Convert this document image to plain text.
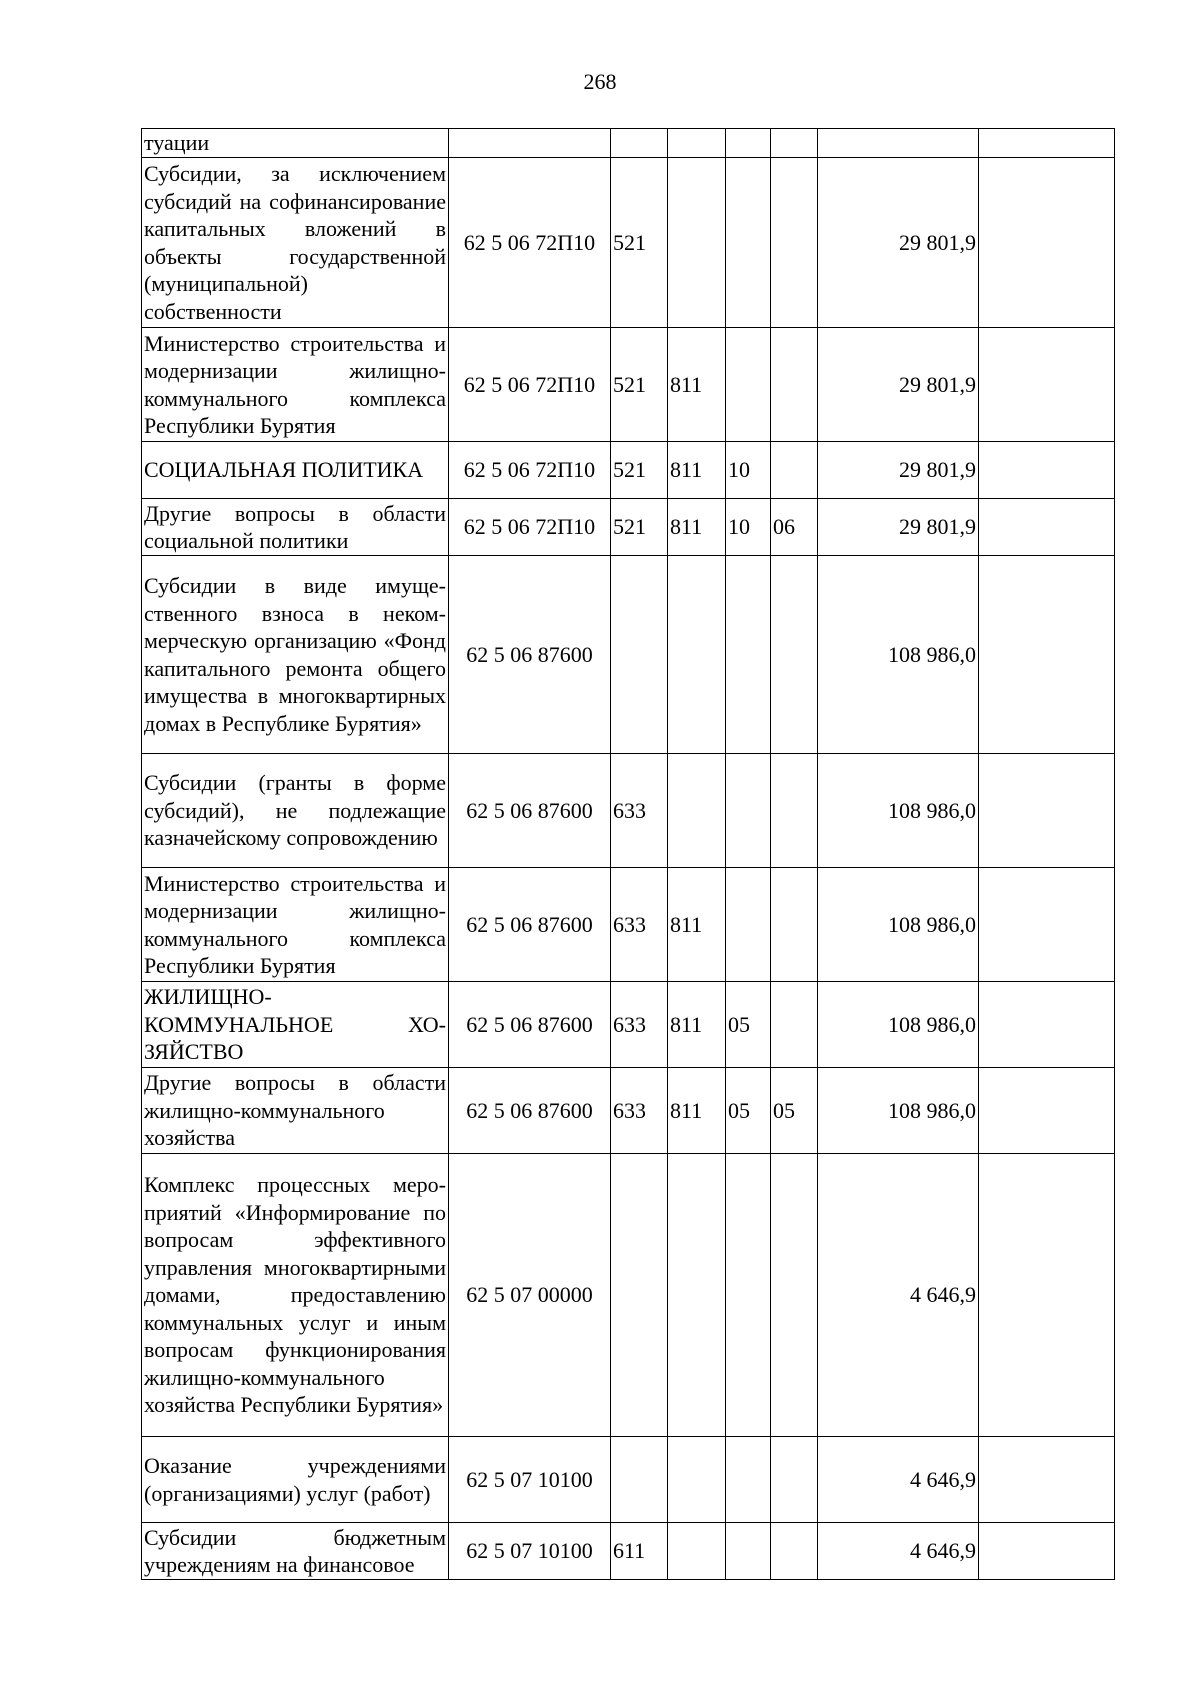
268
туации							
Субсидии, за исключением субсидий на софинансирование капитальных вложений в объекты государственной (муниципальной) собственности	62 5 06 72П10	521				29 801,9	
Министерство строительства и модернизации жилищно-коммунального комплекса Республики Бурятия	62 5 06 72П10	521	811			29 801,9	
СОЦИАЛЬНАЯ ПОЛИТИКА	62 5 06 72П10	521	811	10		29 801,9	
Другие вопросы в области социальной политики	62 5 06 72П10	521	811	10	06	29 801,9	
Субсидии в виде имущественного взноса в некоммерческую организацию «Фонд капитального ремонта общего имущества в многоквартирных домах в Республике Бурятия»	62 5 06 87600					108 986,0	
Субсидии (гранты в форме субсидий), не подлежащие казначейскому сопровождению	62 5 06 87600	633				108 986,0	
Министерство строительства и модернизации жилищно-коммунального комплекса Республики Бурятия	62 5 06 87600	633	811			108 986,0	
ЖИЛИЩНО-КОММУНАЛЬНОЕ ХОЗЯЙСТВО	62 5 06 87600	633	811	05		108 986,0	
Другие вопросы в области жилищно-коммунального хозяйства	62 5 06 87600	633	811	05	05	108 986,0	
Комплекс процессных мероприятий «Информирование по вопросам эффективного управления многоквартирными домами, предоставлению коммунальных услуг и иным вопросам функционирования жилищно-коммунального хозяйства Республики Бурятия»	62 5 07 00000					4 646,9	
Оказание учреждениями (организациями) услуг (работ)	62 5 07 10100					4 646,9	
Субсидии бюджетным учреждениям на финансовое	62 5 07 10100	611				4 646,9	
